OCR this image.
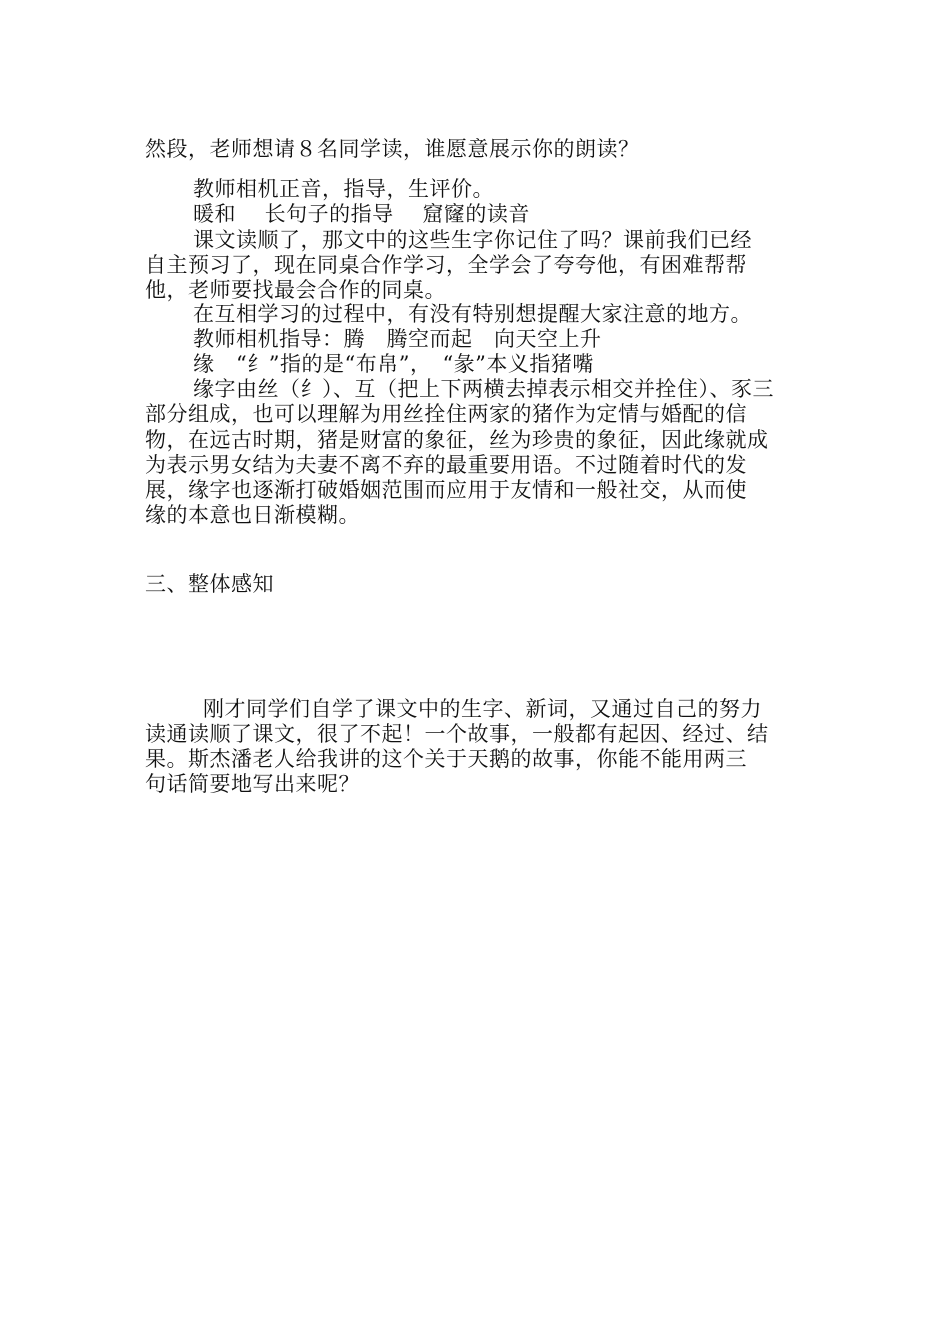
然段，老师想请８名同学读，谁愿意展示你的朗读？
教师相机正音，指导，生评价。
暖和　 长句子的指导　 窟窿的读音
课文读顺了，那文中的这些生字你记住了吗？课前我们已经
自主预习了，现在同桌合作学习，全学会了夸夸他，有困难帮帮
他，老师要找最会合作的同桌。
在互相学习的过程中，有没有特别想提醒大家注意的地方。
教师相机指导：腾　腾空而起　向天空上升
缘　“纟”指的是“布帛”，　“彖”本义指猪嘴
缘字由丝（纟）、互（把上下两横去掉表示相交并拴住）、豕三
部分组成，也可以理解为用丝拴住两家的猪作为定情与婚配的信
物，在远古时期，猪是财富的象征，丝为珍贵的象征，因此缘就成
为表示男女结为夫妻不离不弃的最重要用语。不过随着时代的发
展，缘字也逐渐打破婚姻范围而应用于友情和一般社交，从而使
缘的本意也日渐模糊。
三、整体感知
刚才同学们自学了课文中的生字、新词，又通过自己的努力
读通读顺了课文，很了不起！一个故事，一般都有起因、经过、结
果。斯杰潘老人给我讲的这个关于天鹅的故事，你能不能用两三
句话简要地写出来呢？
